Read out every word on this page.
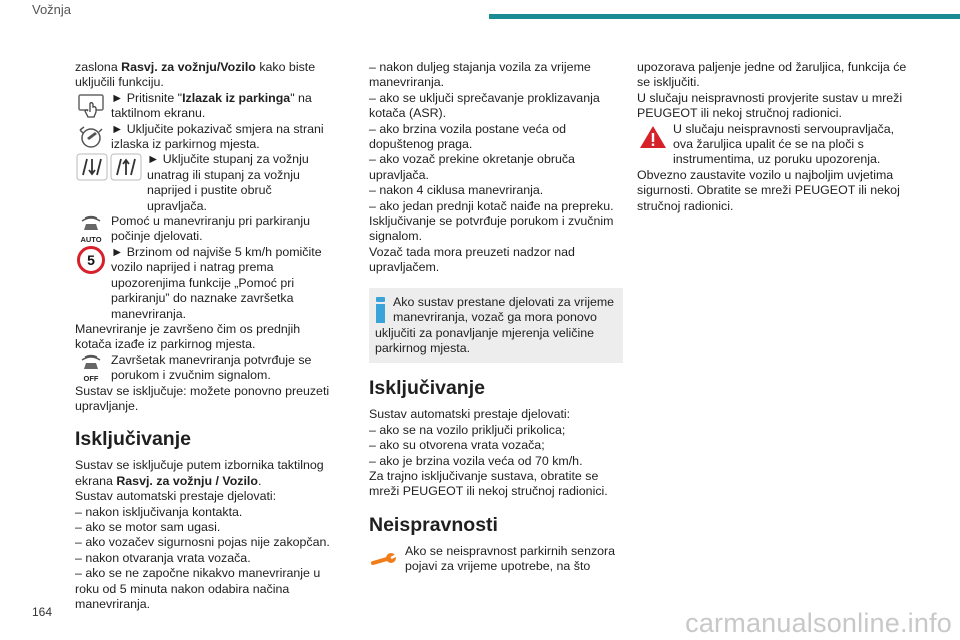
Vožnja

zaslona Rasvj. za vožnju/Vozilo kako biste uključili funkciju.

► Pritisnite "Izlazak iz parkinga" na taktilnom ekranu.

► Uključite pokazivač smjera na strani izlaska iz parkirnog mjesta.

► Uključite stupanj za vožnju unatrag ili stupanj za vožnju naprijed i pustite obruč upravljača.

AUTO

Pomoć u manevriranju pri parkiranju počinje djelovati.

5 ► Brzinom od najviše 5 km/h pomičite vozilo naprijed i natrag prema upozorenjima funkcije „Pomoć pri parkiranju” do naznake završetka manevriranja.

Manevriranje je završeno čim os prednjih kotača izađe iz parkirnog mjesta.

OFF

Završetak manevriranja potvrđuje se porukom i zvučnim signalom.

Sustav se isključuje: možete ponovno preuzeti upravljanje.

Isključivanje

Sustav se isključuje putem izbornika taktilnog ekrana Rasvj. za vožnju / Vozilo.

Sustav automatski prestaje djelovati:

– nakon isključivanja kontakta.

– ako se motor sam ugasi.

– ako vozačev sigurnosni pojas nije zakopčan.

– nakon otvaranja vrata vozača.

– ako se ne započne nikakvo manevriranje u roku od 5 minuta nakon odabira načina manevriranja.

– nakon duljeg stajanja vozila za vrijeme manevriranja.

– ako se uključi sprečavanje proklizavanja kotača (ASR).

– ako brzina vozila postane veća od dopuštenog praga.

– ako vozač prekine okretanje obruča upravljača.

– nakon 4 ciklusa manevriranja.

– ako jedan prednji kotač naiđe na prepreku.

Isključivanje se potvrđuje porukom i zvučnim signalom.

Vozač tada mora preuzeti nadzor nad upravljačem.

Ako sustav prestane djelovati za vrijeme manevriranja, vozač ga mora ponovo uključiti za ponavljanje mjerenja veličine parkirnog mjesta.

Isključivanje

Sustav automatski prestaje djelovati:

– ako se na vozilo priključi prikolica;

– ako su otvorena vrata vozača;

– ako je brzina vozila veća od 70 km/h.

Za trajno isključivanje sustava, obratite se mreži PEUGEOT ili nekoj stručnoj radionici.

Neispravnosti

Ako se neispravnost parkirnih senzora pojavi za vrijeme upotrebe, na što

upozorava paljenje jedne od žaruljica, funkcija će se isključiti.

U slučaju neispravnosti provjerite sustav u mreži PEUGEOT ili nekoj stručnoj radionici.

U slučaju neispravnosti servoupravljača, ova žaruljica upalit će se na ploči s instrumentima, uz poruku upozorenja.

Obvezno zaustavite vozilo u najboljim uvjetima sigurnosti. Obratite se mreži PEUGEOT ili nekoj stručnoj radionici.

164	carmanualsonline.info
